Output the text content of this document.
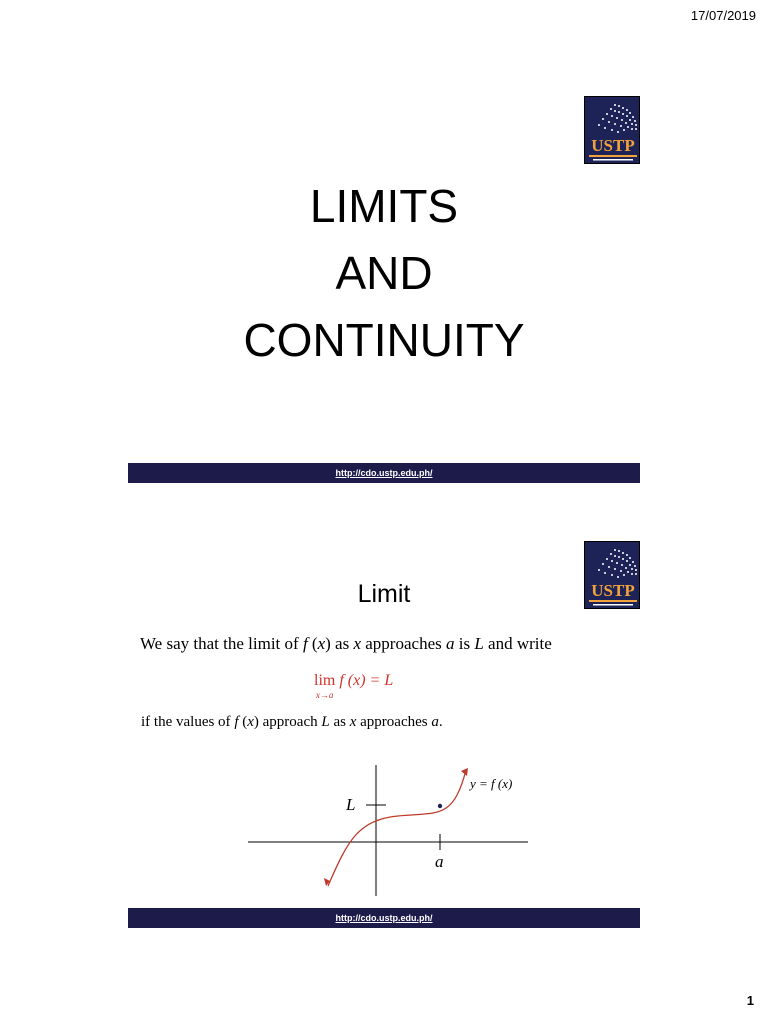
17/07/2019
USTP
LIMITS
AND
CONTINUITY
http://cdo.ustp.edu.ph/
USTP
Limit
We say that the limit of f (x) as x approaches a is L and write
lim
x→a
f (x) = L
if the values of f (x) approach L as x approaches a.
L
a
y = f (x)
http://cdo.ustp.edu.ph/
1
